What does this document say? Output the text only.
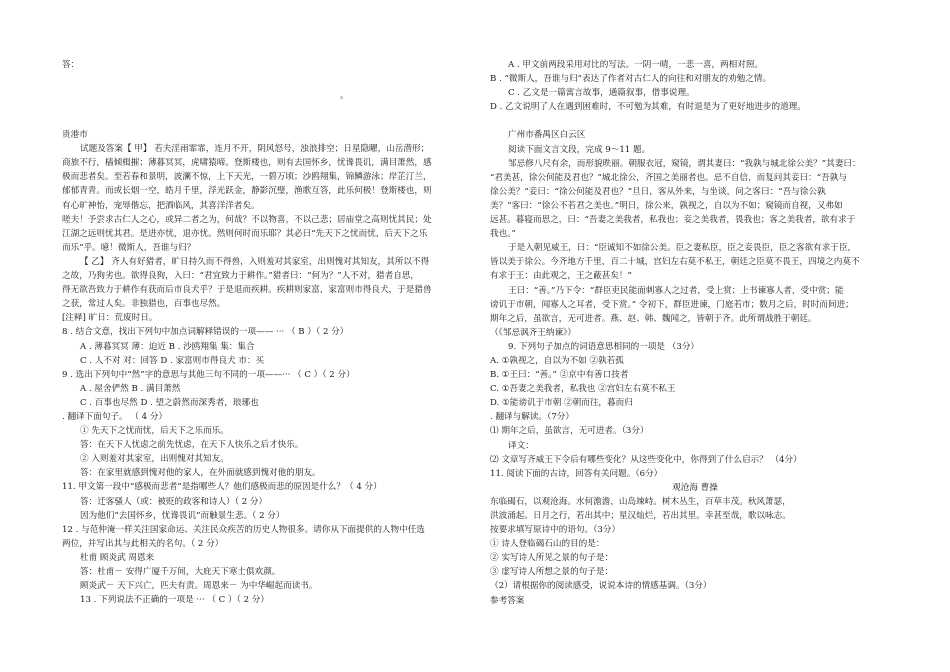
答：
贵港市
试题及答案【 甲】 若夫淫雨霏霏，连月不开，阴风怒号，浊浪排空；日星隐曜，山岳潜形；
商旅不行，樯倾楫摧；薄暮冥冥，虎啸猿啼。登斯楼也，则有去国怀乡，忧谗畏讥，满目萧然，感
极而悲者矣。至若春和景明，波澜不惊，上下天光，一碧万顷；沙鸥翔集，锦鳞游泳；岸芷汀兰，
郁郁青青。而或长烟一空，皓月千里，浮光跃金，静影沉璧，渔歌互答，此乐何极！登斯楼也，则
有心旷神怡，宠辱偕忘，把酒临风，其喜洋洋者矣。
嗟夫！予尝求古仁人之心，或异二者之为，何哉？不以物喜，不以己悲；居庙堂之高则忧其民；处
江湖之远则忧其君。是进亦忧，退亦忧。然则何时而乐耶？其必曰“先天下之忧而忧，后天下之乐
而乐”乎。噫！微斯人，吾谁与归？
【 乙】 齐人有好猎者，旷日持久而不得兽，入则羞对其家室，出则愧对其知友，其所以不得
之故，乃狗劣也。欲得良狗，入曰：“君宜致力于耕作。”猎者曰：“何为？”人不对，猎者自思，
得无欲吾致力于耕作有获而后市良犬乎？于是退而疾耕。疾耕则家富，家富则市得良犬，于是猎兽
之获，常过人矣。非独猎也，百事也尽然。
[注释] 旷日：荒废时日。
8 . 结合文意，找出下列句中加点词解释错误的一项—— ··· （ B ）（ 2 分）
A . 薄暮冥冥 薄：迫近 B . 沙鸥翔集 集：集合
C . 人不对 对：回答 D . 家富则市得良犬 市：买
9 . 选出下列句中“然”字的意思与其他三句不同的一项——··· （ C ）（ 2 分）
A . 屋舍俨然 B . 满目萧然
C . 百事也尽然 D . 望之蔚然而深秀者，琅琊也
. 翻译下面句子。 （ 4 分）
① 先天下之忧而忧，后天下之乐而乐。
答：在天下人忧虑之前先忧虑，在天下人快乐之后才快乐。
② 入则羞对其家室，出则愧对其知友。
答：在家里就感到愧对他的家人，在外面就感到愧对他的朋友。
11. 甲文第一段中“感极而悲者”是指哪些人？他们感极而悲的原因是什么？（ 4 分）
答：迁客骚人（或：被贬的政客和诗人）（ 2 分）
因为他们“去国怀乡，忧谗畏讥”而触景生悲。（ 2 分）
12 . 与范仲淹一样关注国家命运、关注民众疾苦的历史人物很多。请你从下面提供的人物中任选
两位，并写出其与此相关的名句。（ 2 分）
杜甫 顾炎武 周恩来
答：杜甫－ 安得广厦千万间，大庇天下寒士俱欢颜。
顾炎武－ 天下兴亡，匹夫有责。周恩来－ 为中华崛起而读书。
13 . 下列说法不正确的一项是 ··· （ C ）（ 2 分）
。
A . 甲文前两段采用对比的写法。一阴一晴，一悲一喜，两相对照。
B . “微斯人，吾谁与归”表达了作者对古仁人的向往和对朋友的劝勉之情。
C . 乙文是一篇寓言故事，通篇叙事，借事说理。
D . 乙文说明了人在遇到困难时，不可勉为其难，有时退是为了更好地进步的道理。
广州市番禺区白云区
阅读下面文言文段，完成 9～11 题。
邹忌修八尺有余，而形貌昳丽。朝服衣冠，窥镜，谓其妻曰：“我孰与城北徐公美？”其妻曰：
“君美甚，徐公何能及君也？”城北徐公，齐国之美丽者也。忌不自信，而复问其妾曰：“吾孰与
徐公美？”妾曰：“徐公何能及君也？”旦日，客从外来，与坐谈，问之客曰：“吾与徐公孰
美？”客曰：“徐公不若君之美也。”明日，徐公来，孰视之，自以为不如；窥镜而自视，又弗如
远甚。暮寝而思之，曰：“吾妻之美我者，私我也；妾之美我者，畏我也；客之美我者，欲有求于
我也。”
于是入朝见威王，曰：“臣诚知不如徐公美。臣之妻私臣，臣之妾畏臣，臣之客欲有求于臣，
皆以美于徐公。今齐地方千里，百二十城，宫妇左右莫不私王，朝廷之臣莫不畏王，四境之内莫不
有求于王：由此观之，王之蔽甚矣！”
王曰：“善。”乃下令：“群臣吏民能面刺寡人之过者，受上赏；上书谏寡人者，受中赏；能
谤讥于市朝，闻寡人之耳者，受下赏。” 令初下，群臣进谏，门庭若市；数月之后，时时而间进；
期年之后，虽欲言，无可进者。燕、赵、韩、魏闻之，皆朝于齐。此所谓战胜于朝廷。
（《邹忌讽齐王纳谏》）
9. 下列句子加点的词语意思相同的一项是 （3分）
A. ①孰视之，自以为不如 ②孰若孤
B. ①王曰：“善。” ②京中有善口技者
C. ①吾妻之美我者，私我也 ②宫妇左右莫不私王
D. ①能谤讥于市朝 ②朝而往，暮而归
. 翻译与解读。（7分）
⑴ 期年之后，虽欲言，无可进者。（3分）
译文：
⑵ 文章写齐威王下令后有哪些变化？从这些变化中，你得到了什么启示？ （4分）
11. 阅读下面的古诗，回答有关问题。（6分）
观沧海 曹操
东临碣石，以观沧海。水何澹澹，山岛竦峙。树木丛生，百草丰茂。秋风萧瑟，
洪波涌起。日月之行，若出其中；星汉灿烂，若出其里。幸甚至哉，歌以咏志。
按要求填写原诗中的语句。（3分）
① 诗人登临碣石山的目的是：
② 实写诗人所见之景的句子是：
③ 虚写诗人所想之景的句子是：
（2）请根据你的阅读感受，说说本诗的情感基调。（3分）
参考答案
